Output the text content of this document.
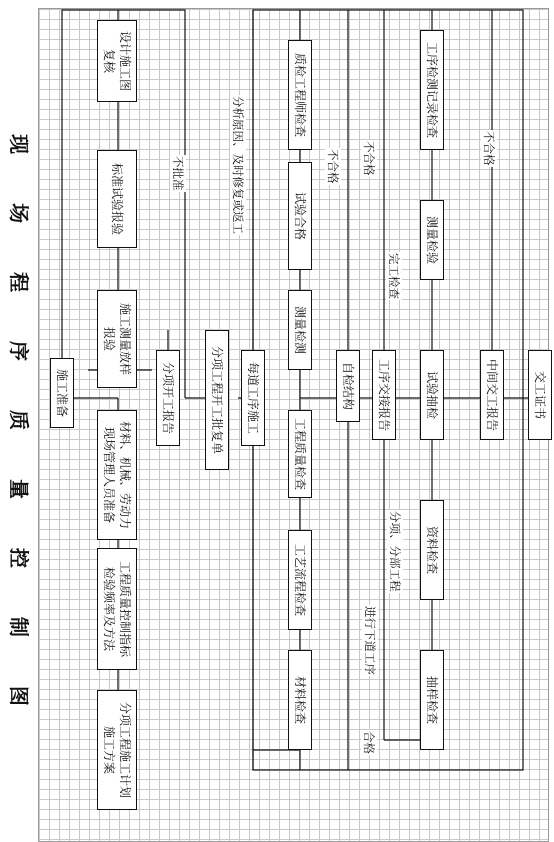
现 场 程 序 质 量 控 制 图
分项工程施工计划
施工方案
工程质量控制指标
检验频率及方法
材料、机械、劳动力
现场管理人员准备
施工测量放样
报验
标准试验报验
设计施工图
复核
施工准备	分项开工报告	分项工程开工批复单 每道工序施工
材料检查
工艺流程检查
工程质量检查
测量检测
试验合格
质检工程师检查
自检结构 工序交接报告
抽样检查
资料检查
试验抽检
测量检验
工序检测记录检查
中间交工报告	交工证书
不批准	分析原因、及时修复或返工	不合格 不合格	不合格
合格
进行下道工序
分项、分部工程
完工检查
